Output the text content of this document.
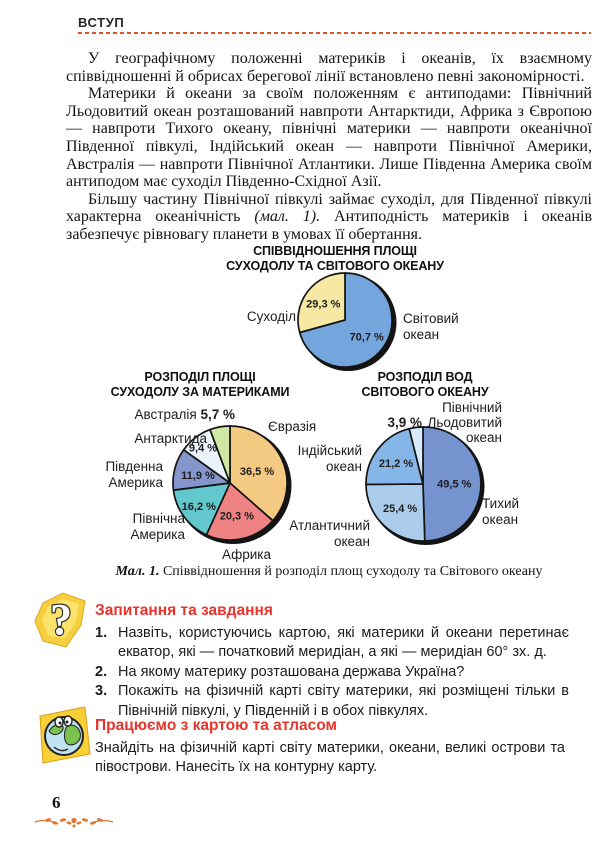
ВСТУП

У географічному положенні материків і океанів, їх взаємному співвідношенні й обрисах берегової лінії встановлено певні закономірності.

Материки й океани за своїм положенням є антиподами: Північний Льодовитий океан розташований навпроти Антарктиди, Африка з Європою — навпроти Тихого океану, північні материки — навпроти океанічної Південної півкулі, Індійський океан — навпроти Північної Америки, Австралія — навпроти Північної Атлантики. Лише Південна Америка своїм антиподом має суходіл Південно-Східної Азії.

Більшу частину Північної півкулі займає суходіл, для Південної півкулі характерна океанічність (мал. 1). Антиподність материків і океанів забезпечує рівновагу планети в умовах її обертання.

СПІВВІДНОШЕННЯ ПЛОЩІ
СУХОДОЛУ ТА СВІТОВОГО ОКЕАНУ
70,7 %
29,3 %
Суходіл	Світовий океан
РОЗПОДІЛ ПЛОЩІ
СУХОДОЛУ ЗА МАТЕРИКАМИ
36,5 %
20,3 %
16,2 %
11,9 %
9,4 %
Австралія 5,7 %
Євразія
Антарктида
Південна Америка
Північна Америка
Африка
РОЗПОДІЛ ВОД
СВІТОВОГО ОКЕАНУ
49,5 %
25,4 %
21,2 %
Північний Льодовитий океан
3,9 %
Індійський океан
Атлантичний океан
Тихий океан
Мал. 1. Співвідношення й розподіл площ суходолу та Світового океану
? Запитання та завдання
1. Назвіть, користуючись картою, які материки й океани перетинає екватор, які — початковий меридіан, а які — меридіан 60° зх. д.
2. На якому материку розташована держава Україна?
3. Покажіть на фізичній карті світу материки, які розміщені тільки в Північній півкулі, у Південній і в обох півкулях.
Працюємо з картою та атласом
Знайдіть на фізичній карті світу материки, океани, великі острови та півострови. Нанесіть їх на контурну карту.
6
